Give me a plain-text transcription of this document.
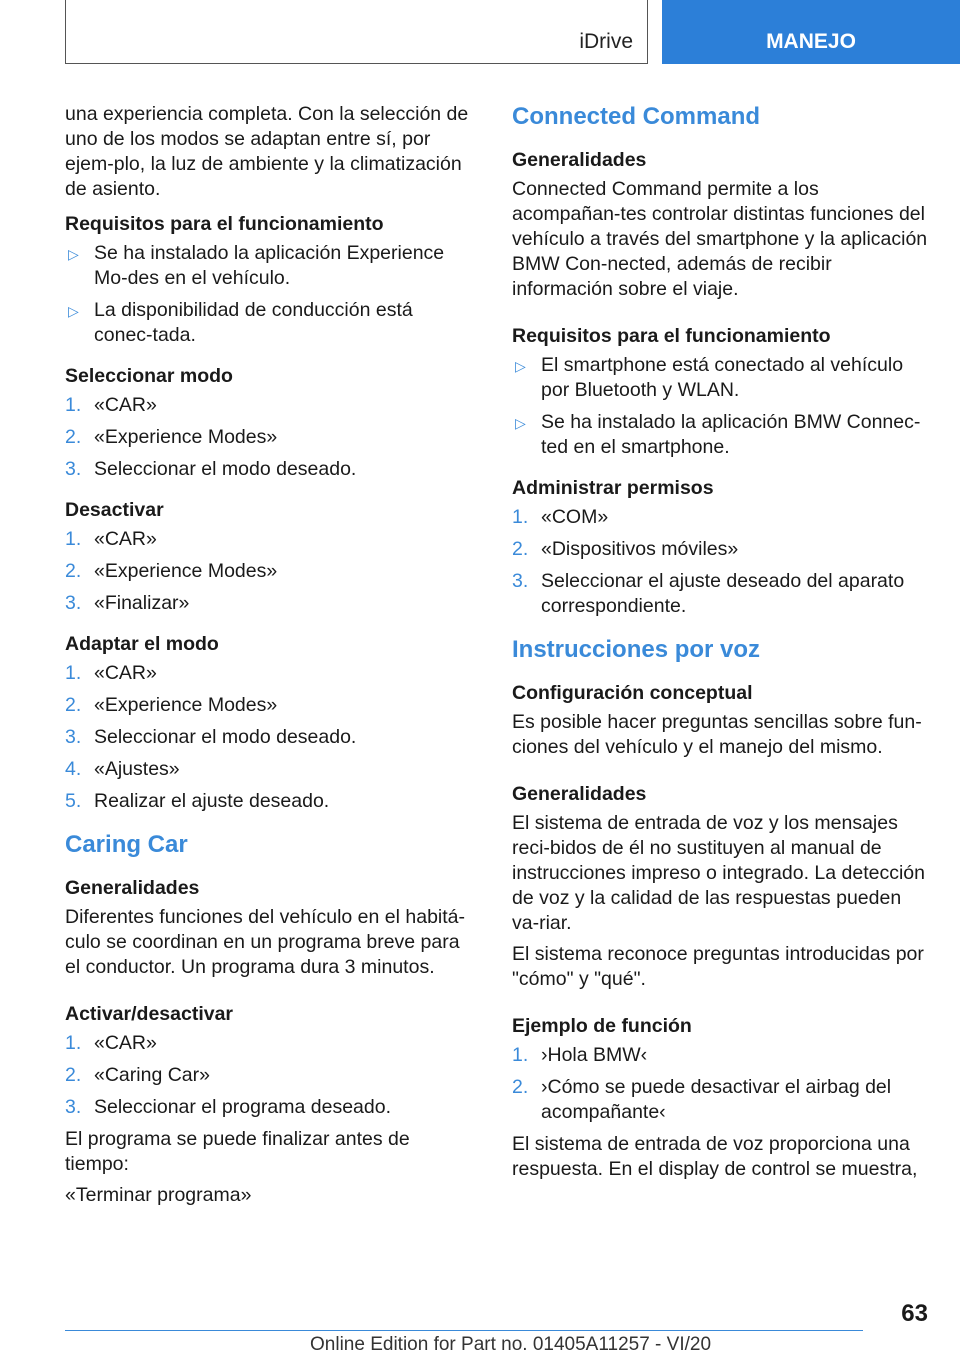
iDrive	MANEJO

una experiencia completa. Con la selección de uno de los modos se adaptan entre sí, por ejem‐plo, la luz de ambiente y la climatización de asiento.

Requisitos para el funcionamiento
▷ Se ha instalado la aplicación Experience Mo‐des en el vehículo.
▷ La disponibilidad de conducción está conec‐tada.
Seleccionar modo
1. «CAR»
2. «Experience Modes»
3. Seleccionar el modo deseado.
Desactivar
1. «CAR»
2. «Experience Modes»
3. «Finalizar»
Adaptar el modo
1. «CAR»
2. «Experience Modes»
3. Seleccionar el modo deseado.
4. «Ajustes»
5. Realizar el ajuste deseado.
Caring Car
Generalidades

Diferentes funciones del vehículo en el habitá‐culo se coordinan en un programa breve para el conductor. Un programa dura 3 minutos.

Activar/desactivar
1. «CAR»
2. «Caring Car»
3. Seleccionar el programa deseado.

El programa se puede finalizar antes de tiempo:

«Terminar programa»

Connected Command
Generalidades

Connected Command permite a los acompañan‐tes controlar distintas funciones del vehículo a través del smartphone y la aplicación BMW Con‐nected, además de recibir información sobre el viaje.

Requisitos para el funcionamiento
▷ El smartphone está conectado al vehículo por Bluetooth y WLAN.
▷ Se ha instalado la aplicación BMW Connec‐ted en el smartphone.
Administrar permisos
1. «COM»
2. «Dispositivos móviles»
3. Seleccionar el ajuste deseado del aparato correspondiente.
Instrucciones por voz
Configuración conceptual

Es posible hacer preguntas sencillas sobre fun‐ciones del vehículo y el manejo del mismo.

Generalidades

El sistema de entrada de voz y los mensajes reci‐bidos de él no sustituyen al manual de instrucciones impreso o integrado. La detección de voz y la calidad de las respuestas pueden va‐riar.

El sistema reconoce preguntas introducidas por "cómo" y "qué".

Ejemplo de función
1. ›Hola BMW‹
2. ›Cómo se puede desactivar el airbag del acompañante‹

El sistema de entrada de voz proporciona una respuesta. En el display de control se muestra,

63
Online Edition for Part no. 01405A11257 - VI/20
